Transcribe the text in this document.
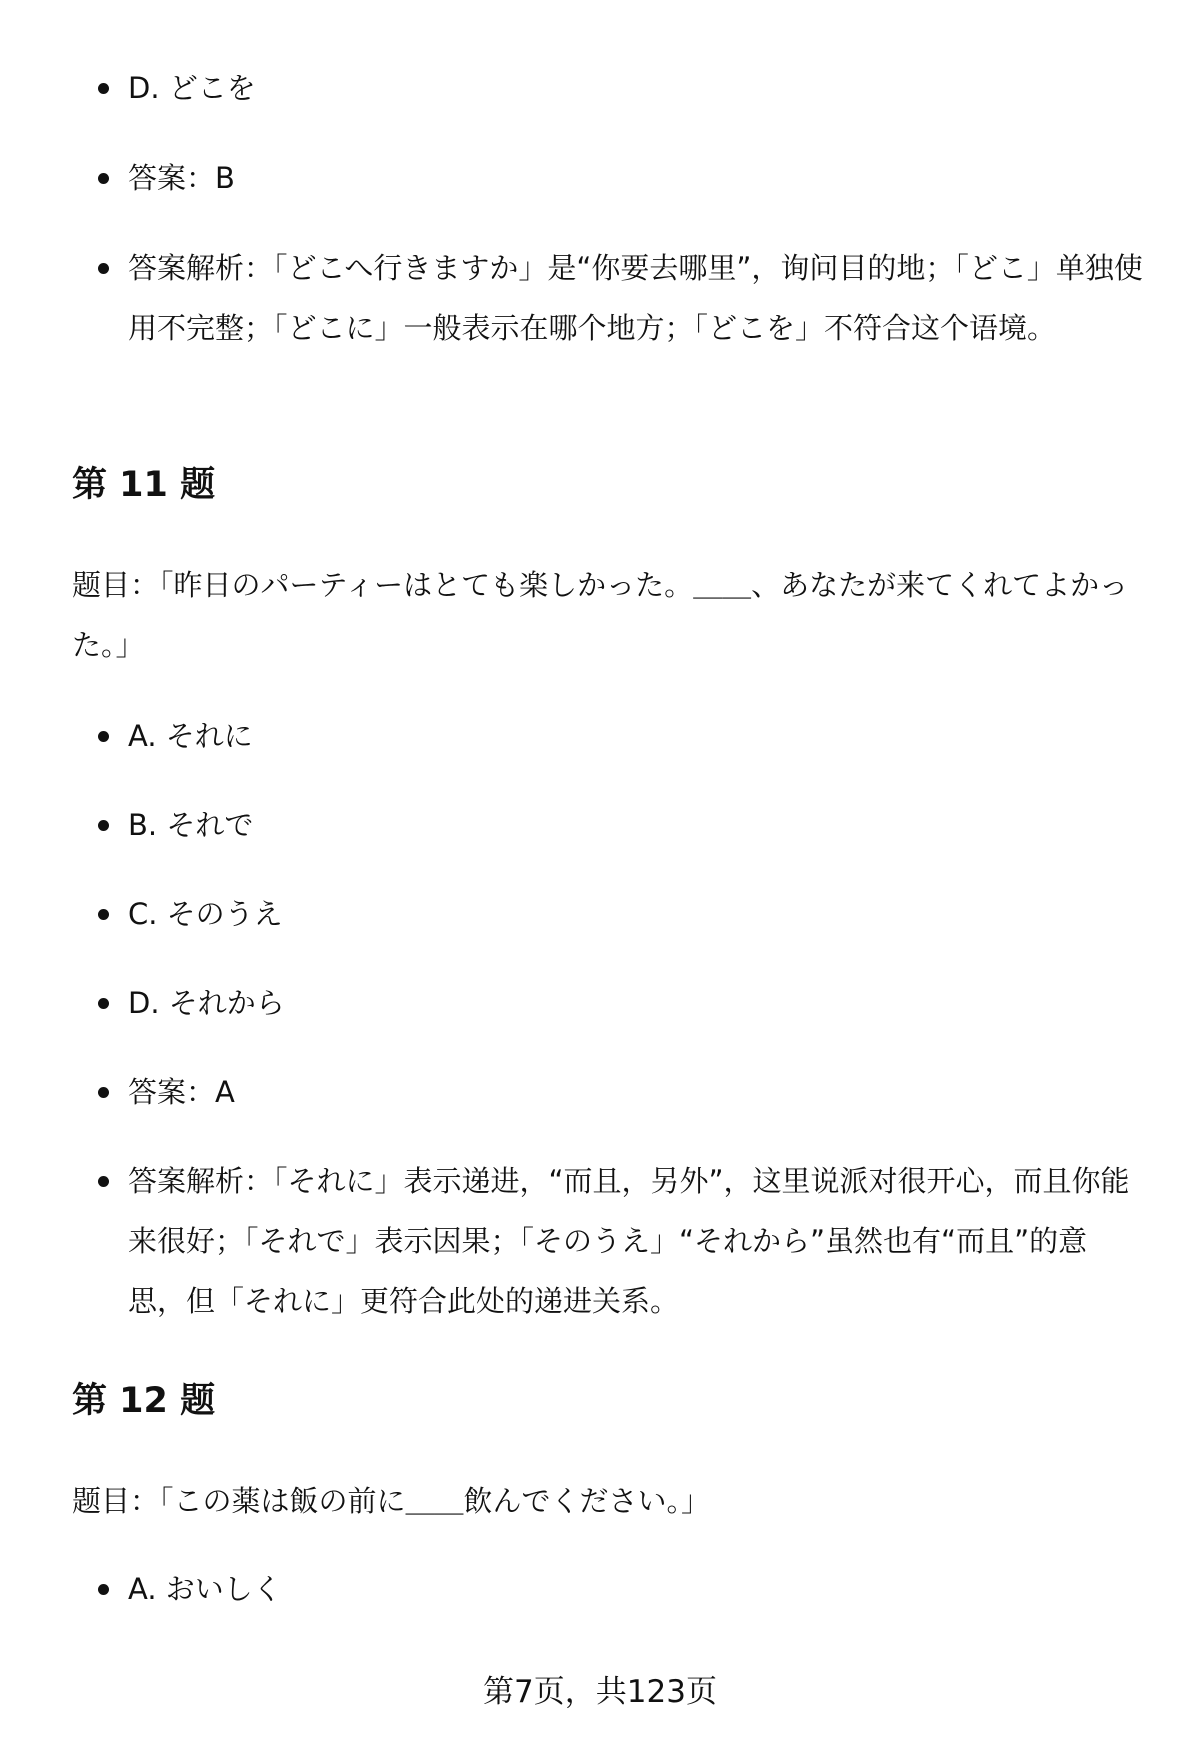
D. どこを
答案：B
答案解析：「どこへ行きますか」是“你要去哪里”，询问目的地；「どこ」单独使用不完整；「どこに」一般表示在哪个地方；「どこを」不符合这个语境。
第 11 题

题目：「昨日のパーティーはとても楽しかった。＿＿、あなたが来てくれてよかった。」

A. それに
B. それで
C. そのうえ
D. それから
答案：A
答案解析：「それに」表示递进，“而且，另外”，这里说派对很开心，而且你能来很好；「それで」表示因果；「そのうえ」“それから”虽然也有“而且”的意思，但「それに」更符合此处的递进关系。
第 12 题

题目：「この薬は飯の前に＿＿飲んでください。」

A. おいしく
第7页，共123页
